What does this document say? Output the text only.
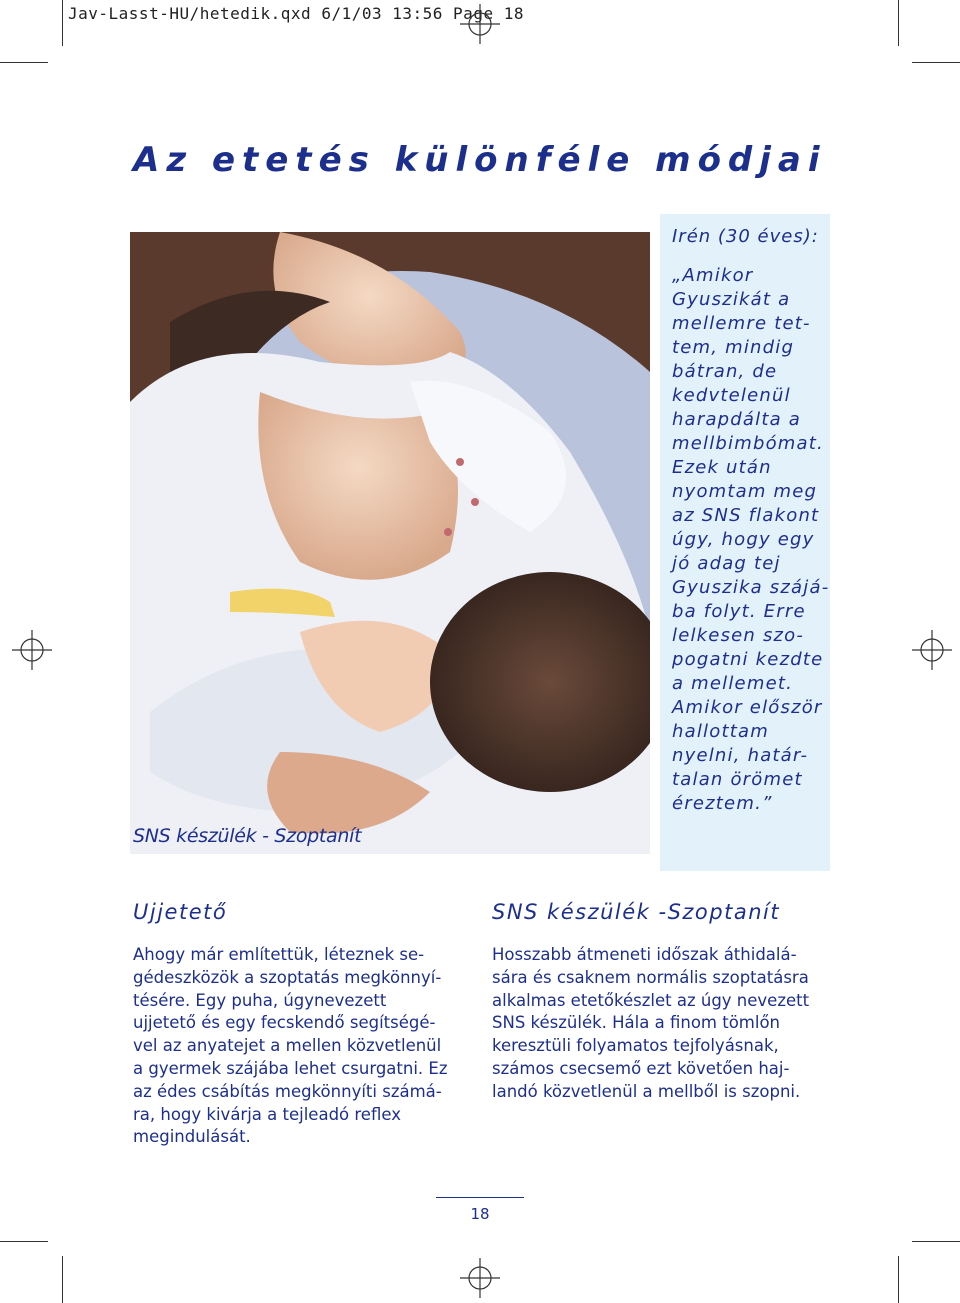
Jav-Lasst-HU/hetedik.qxd 6/1/03 13:56 Page 18
Az etetés különféle módjai
SNS készülék - Szoptanít
Irén (30 éves):
„Amikor
Gyuszikát a
mellemre tet-
tem, mindig
bátran, de
kedvtelenül
harapdálta a
mellbimbómat.
Ezek után
nyomtam meg
az SNS flakont
úgy, hogy egy
jó adag tej
Gyuszika szájá-
ba folyt. Erre
lelkesen szo-
pogatni kezdte
a mellemet.
Amikor először
hallottam
nyelni, határ-
talan örömet
éreztem.”
Ujjetető
Ahogy már említettük, léteznek se-
gédeszközök a szoptatás megkönnyí-
tésére. Egy puha, úgynevezett
ujjetető és egy fecskendő segítségé-
vel az anyatejet a mellen közvetlenül
a gyermek szájába lehet csurgatni. Ez
az édes csábítás megkönnyíti számá-
ra, hogy kivárja a tejleadó reflex
megindulását.
SNS készülék -Szoptanít
Hosszabb átmeneti időszak áthidalá-
sára és csaknem normális szoptatásra
alkalmas etetőkészlet az úgy nevezett
SNS készülék. Hála a finom tömlőn
keresztüli folyamatos tejfolyásnak,
számos csecsemő ezt követően haj-
landó közvetlenül a mellből is szopni.
18
